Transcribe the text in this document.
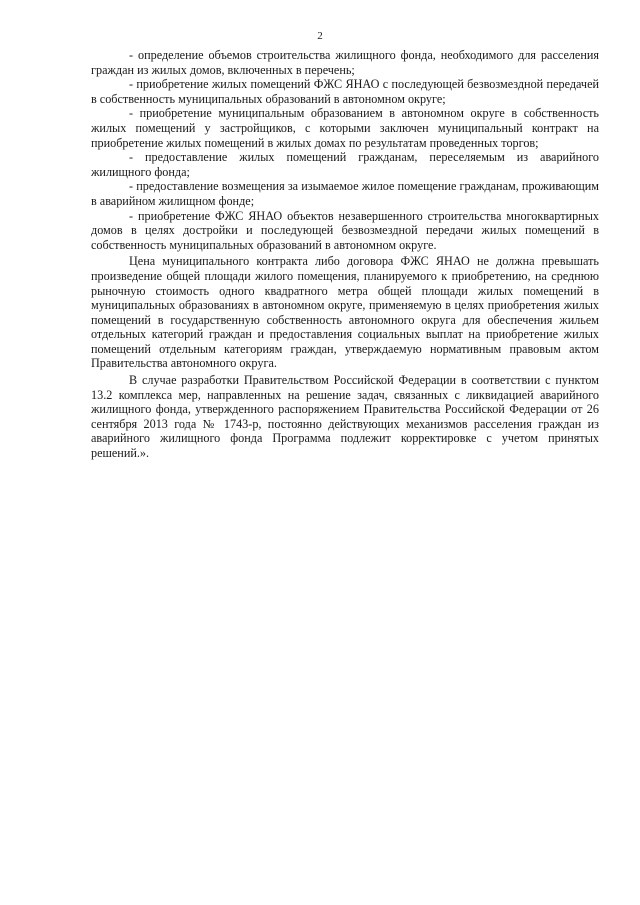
2

- определение объемов строительства жилищного фонда, необходимого для расселения граждан из жилых домов, включенных в перечень;

- приобретение жилых помещений ФЖС ЯНАО с последующей безвозмездной передачей в собственность муниципальных образований в автономном округе;

- приобретение муниципальным образованием в автономном округе в собственность жилых помещений у застройщиков, с которыми заключен муниципальный контракт на приобретение жилых помещений в жилых домах по результатам проведенных торгов;

- предоставление жилых помещений гражданам, переселяемым из аварийного жилищного фонда;

- предоставление возмещения за изымаемое жилое помещение гражданам, проживающим в аварийном жилищном фонде;

- приобретение ФЖС ЯНАО объектов незавершенного строительства многоквартирных домов в целях достройки и последующей безвозмездной передачи жилых помещений в собственность муниципальных образований в автономном округе.

Цена муниципального контракта либо договора ФЖС ЯНАО не должна превышать произведение общей площади жилого помещения, планируемого к приобретению, на среднюю рыночную стоимость одного квадратного метра общей площади жилых помещений в муниципальных образованиях в автономном округе, применяемую в целях приобретения жилых помещений в государственную собственность автономного округа для обеспечения жильем отдельных категорий граждан и предоставления социальных выплат на приобретение жилых помещений отдельным категориям граждан, утверждаемую нормативным правовым актом Правительства автономного округа.

В случае разработки Правительством Российской Федерации в соответствии с пунктом 13.2 комплекса мер, направленных на решение задач, связанных с ликвидацией аварийного жилищного фонда, утвержденного распоряжением Правительства Российской Федерации от 26 сентября 2013 года № 1743-р, постоянно действующих механизмов расселения граждан из аварийного жилищного фонда Программа подлежит корректировке с учетом принятых решений.».
